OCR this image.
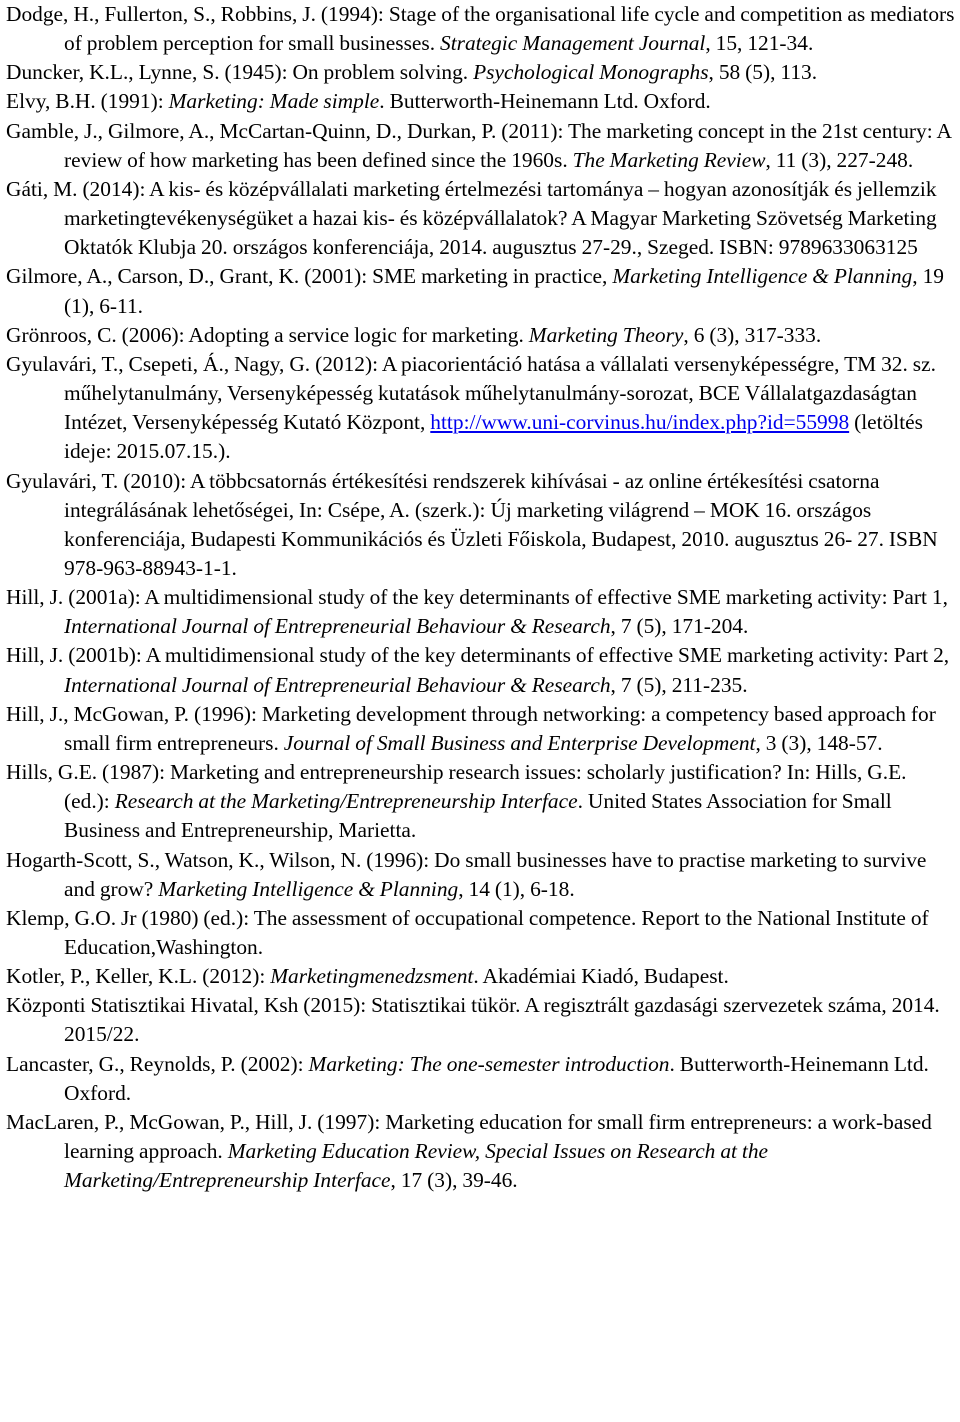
Dodge, H., Fullerton, S., Robbins, J. (1994): Stage of the organisational life cycle and competition as mediators of problem perception for small businesses. Strategic Management Journal, 15, 121-34.

Duncker, K.L., Lynne, S. (1945): On problem solving. Psychological Monographs, 58 (5), 113.

Elvy, B.H. (1991): Marketing: Made simple. Butterworth-Heinemann Ltd. Oxford.

Gamble, J., Gilmore, A., McCartan-Quinn, D., Durkan, P. (2011): The marketing concept in the 21st century: A review of how marketing has been defined since the 1960s. The Marketing Review, 11 (3), 227-248.

Gáti, M. (2014): A kis- és középvállalati marketing értelmezési tartománya – hogyan azonosítják és jellemzik marketingtevékenységüket a hazai kis- és középvállalatok? A Magyar Marketing Szövetség Marketing Oktatók Klubja 20. országos konferenciája, 2014. augusztus 27-29., Szeged. ISBN: 9789633063125

Gilmore, A., Carson, D., Grant, K. (2001): SME marketing in practice, Marketing Intelligence & Planning, 19 (1), 6-11.

Grönroos, C. (2006): Adopting a service logic for marketing. Marketing Theory, 6 (3), 317-333.

Gyulavári, T., Csepeti, Á., Nagy, G. (2012): A piacorientáció hatása a vállalati versenyképességre, TM 32. sz. műhelytanulmány, Versenyképesség kutatások műhelytanulmány-sorozat, BCE Vállalatgazdaságtan Intézet, Versenyképesség Kutató Központ, http://www.uni-corvinus.hu/index.php?id=55998 (letöltés ideje: 2015.07.15.).

Gyulavári, T. (2010): A többcsatornás értékesítési rendszerek kihívásai - az online értékesítési csatorna integrálásának lehetőségei, In: Csépe, A. (szerk.): Új marketing világrend – MOK 16. országos konferenciája, Budapesti Kommunikációs és Üzleti Főiskola, Budapest, 2010. augusztus 26- 27. ISBN 978-963-88943-1-1.

Hill, J. (2001a): A multidimensional study of the key determinants of effective SME marketing activity: Part 1, International Journal of Entrepreneurial Behaviour & Research, 7 (5), 171-204.

Hill, J. (2001b): A multidimensional study of the key determinants of effective SME marketing activity: Part 2, International Journal of Entrepreneurial Behaviour & Research, 7 (5), 211-235.

Hill, J., McGowan, P. (1996): Marketing development through networking: a competency based approach for small firm entrepreneurs. Journal of Small Business and Enterprise Development, 3 (3), 148-57.

Hills, G.E. (1987): Marketing and entrepreneurship research issues: scholarly justification? In: Hills, G.E. (ed.): Research at the Marketing/Entrepreneurship Interface. United States Association for Small Business and Entrepreneurship, Marietta.

Hogarth-Scott, S., Watson, K., Wilson, N. (1996): Do small businesses have to practise marketing to survive and grow? Marketing Intelligence & Planning, 14 (1), 6-18.

Klemp, G.O. Jr (1980) (ed.): The assessment of occupational competence. Report to the National Institute of Education,Washington.

Kotler, P., Keller, K.L. (2012): Marketingmenedzsment. Akadémiai Kiadó, Budapest.

Központi Statisztikai Hivatal, Ksh (2015): Statisztikai tükör. A regisztrált gazdasági szervezetek száma, 2014. 2015/22.

Lancaster, G., Reynolds, P. (2002): Marketing: The one-semester introduction. Butterworth-Heinemann Ltd. Oxford.

MacLaren, P., McGowan, P., Hill, J. (1997): Marketing education for small firm entrepreneurs: a work-based learning approach. Marketing Education Review, Special Issues on Research at the Marketing/Entrepreneurship Interface, 17 (3), 39-46.
